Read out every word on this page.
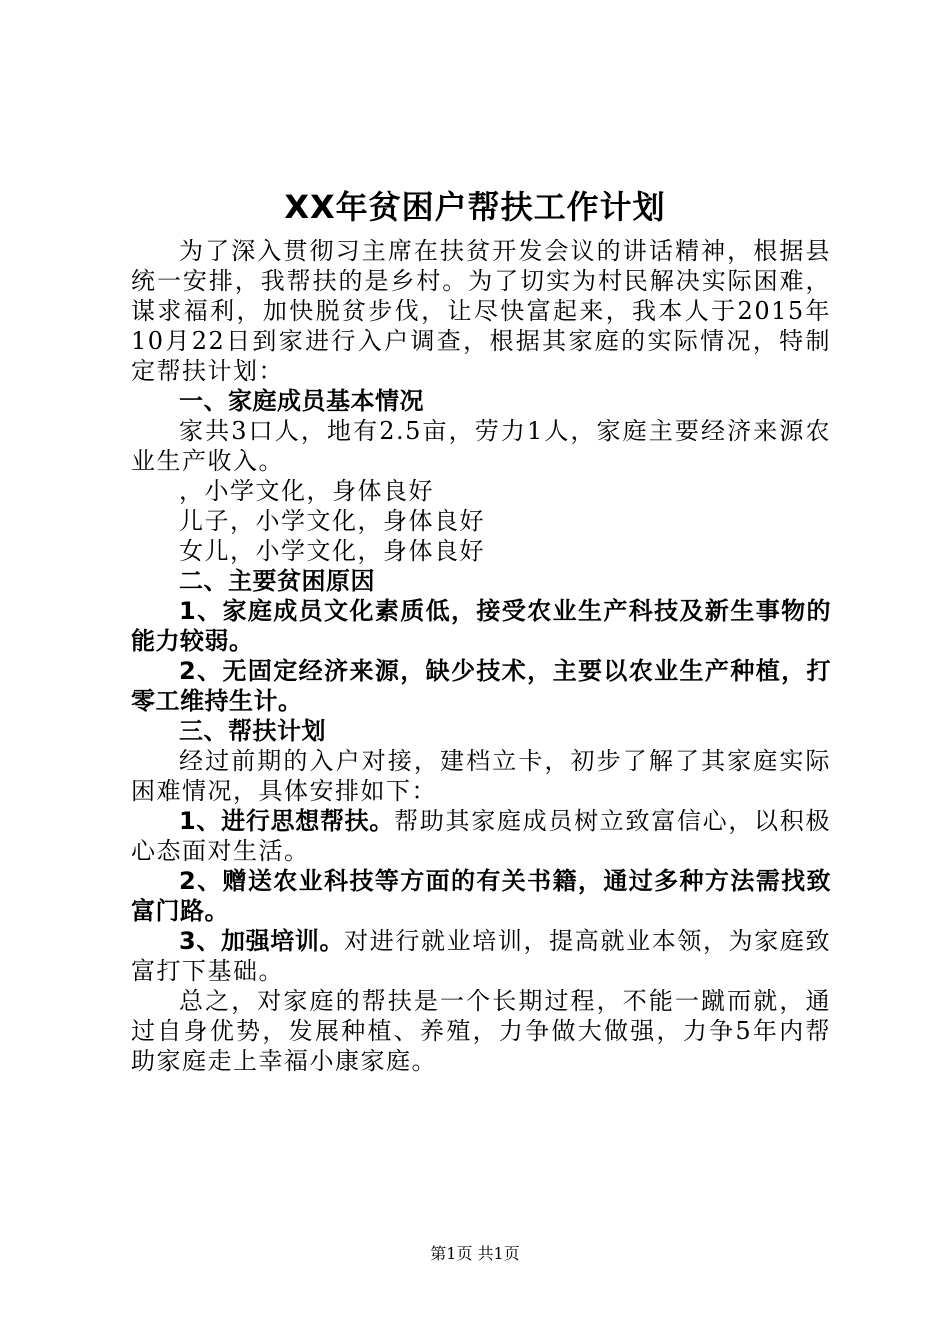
XX年贫困户帮扶工作计划

为了深入贯彻习主席在扶贫开发会议的讲话精神，根据县统一安排，我帮扶的是乡村。为了切实为村民解决实际困难，谋求福利，加快脱贫步伐，让尽快富起来，我本人于2015年10月22日到家进行入户调查，根据其家庭的实际情况，特制定帮扶计划：

一、家庭成员基本情况

家共3口人，地有2.5亩，劳力1人，家庭主要经济来源农业生产收入。

，小学文化，身体良好

儿子，小学文化，身体良好

女儿，小学文化，身体良好

二、主要贫困原因

1、家庭成员文化素质低，接受农业生产科技及新生事物的能力较弱。

2、无固定经济来源，缺少技术，主要以农业生产种植，打零工维持生计。

三、帮扶计划

经过前期的入户对接，建档立卡，初步了解了其家庭实际困难情况，具体安排如下：

1、进行思想帮扶。帮助其家庭成员树立致富信心，以积极心态面对生活。

2、赠送农业科技等方面的有关书籍，通过多种方法需找致富门路。

3、加强培训。对进行就业培训，提高就业本领，为家庭致富打下基础。

总之，对家庭的帮扶是一个长期过程，不能一蹴而就，通过自身优势，发展种植、养殖，力争做大做强，力争5年内帮助家庭走上幸福小康家庭。

第1页 共1页
